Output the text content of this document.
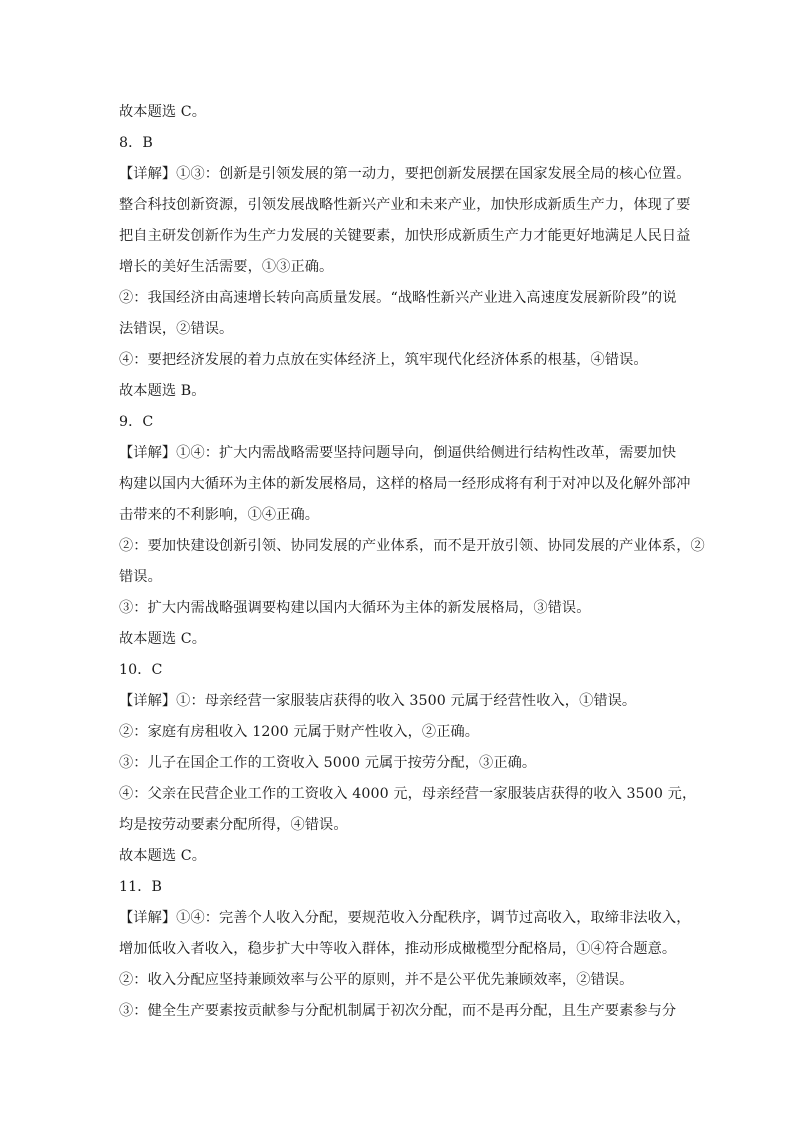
故本题选 C。
8．B
【详解】①③：创新是引领发展的第一动力，要把创新发展摆在国家发展全局的核心位置。
整合科技创新资源，引领发展战略性新兴产业和未来产业，加快形成新质生产力，体现了要
把自主研发创新作为生产力发展的关键要素，加快形成新质生产力才能更好地满足人民日益
增长的美好生活需要，①③正确。
②：我国经济由高速增长转向高质量发展。“战略性新兴产业进入高速度发展新阶段”的说
法错误，②错误。
④：要把经济发展的着力点放在实体经济上，筑牢现代化经济体系的根基，④错误。
故本题选 B。
9．C
【详解】①④：扩大内需战略需要坚持问题导向，倒逼供给侧进行结构性改革，需要加快
构建以国内大循环为主体的新发展格局，这样的格局一经形成将有利于对冲以及化解外部冲
击带来的不利影响，①④正确。
②：要加快建设创新引领、协同发展的产业体系，而不是开放引领、协同发展的产业体系，②
错误。
③：扩大内需战略强调要构建以国内大循环为主体的新发展格局，③错误。
故本题选 C。
10．C
【详解】①：母亲经营一家服装店获得的收入 3500 元属于经营性收入，①错误。
②：家庭有房租收入 1200 元属于财产性收入，②正确。
③：儿子在国企工作的工资收入 5000 元属于按劳分配，③正确。
④：父亲在民营企业工作的工资收入 4000 元，母亲经营一家服装店获得的收入 3500 元，
均是按劳动要素分配所得，④错误。
故本题选 C。
11．B
【详解】①④：完善个人收入分配，要规范收入分配秩序，调节过高收入，取缔非法收入，
增加低收入者收入，稳步扩大中等收入群体，推动形成橄榄型分配格局，①④符合题意。
②：收入分配应坚持兼顾效率与公平的原则，并不是公平优先兼顾效率，②错误。
③：健全生产要素按贡献参与分配机制属于初次分配，而不是再分配，且生产要素参与分
